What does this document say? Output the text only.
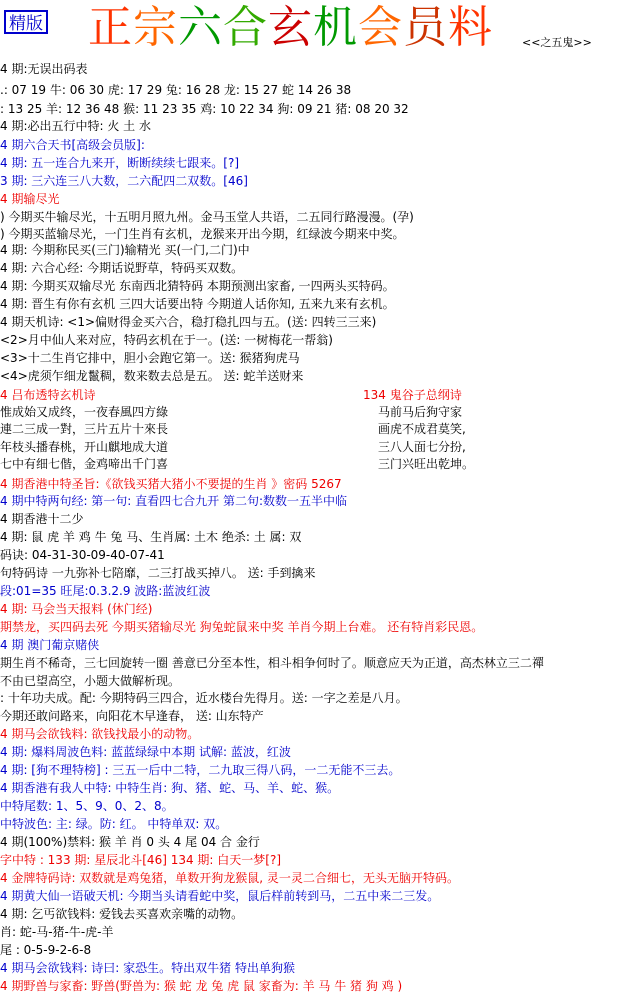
精版 正宗六合玄机会员料	<<之五鬼>>
4 期:无误出码表
.: 07 19 牛: 06 30 虎: 17 29 兔: 16 28 龙: 15 27 蛇 14 26 38
: 13 25 羊: 12 36 48 猴: 11 23 35 鸡: 10 22 34 狗: 09 21 猪: 08 20 32
4 期:必出五行中特: 火 土 水
4 期六合天书[高级会员版]:
4 期: 五一连合九来开，断断续续七跟来。[?]
3 期: 三六连三八大数，二六配四二双数。[46]
4 期输尽光
) 今期买牛输尽光，十五明月照九州。金马玉堂人共语，二五同行路漫漫。(孕)
) 今期买蓝输尽光，一门生肖有玄机，龙猴来开出今期，红绿波今期来中奖。
4 期: 今期称民买(三门)输精光 买(一门,二门)中
4 期: 六合心经: 今期话说野草，特码买双数。
4 期: 今期买双输尽光 东南西北猜特码 本期预测出家畜, 一四两头买特码。
4 期: 晋生有你有玄机 三四大话要出特 今期道人话你知, 五来九来有玄机。
4 期天机诗: <1>偏财得金买六合，稳打稳扎四与五。(送: 四转三三来)
<2>月中仙人来对应，特码玄机在于一。(送: 一树梅花一帮翁)
<3>十二生肖它排中，胆小会跑它第一。送: 猴猪狗虎马
<4>虎须乍细龙鬣稠，数来数去总是五。 送: 蛇羊送财来
4 吕布透特玄机诗
惟成始又成终，一夜春風四方綠
連二三成一對，三片五片十來長
年枝头播春桃，开山麒地成大道
七中有细七偕，金鸡啼出千门喜
134 鬼谷子总纲诗
马前马后狗守家
画虎不成君莫笑,
三八人面七分扮,
三门兴旺出乾坤。
4 期香港中特圣旨:《欲钱买猪大猪小不要提的生肖 》密码 5267
4 期中特两句经: 第一句: 直看四七合九开 第二句:数数一五半中临
4 期香港十二少
4 期: 鼠 虎 羊 鸡 牛 兔 马、生肖属: 土木 绝杀: 土 属: 双
码诀: 04-31-30-09-40-07-41
句特码诗 一九弥补七陪靡，二三打战买掉八。 送: 手到擒来
段:01=35 旺尾:0.3.2.9 波路:蓝波红波
4 期: 马会当天报料 (休门经)
期禁龙，买四码去死 今期买猪输尽光 狗兔蛇鼠来中奖 羊肖今期上台难。 还有特肖彩民恩。
4 期 澳门葡京赌侠
期生肖不稀奇，三七回旋转一圈 善意已分至本性，相斗相争何时了。顺意应天为正道，高杰林立三二禪
不由已望高空，小题大做解析现。
: 十年功夫成。配: 今期特码三四合，近水楼台先得月。送: 一字之差是八月。
今期还敢问路来，向阳花木早逢春， 送: 山东特产
4 期马会欲钱料: 欲钱找最小的动物。
4 期: 爆料周波色料: 蓝蓝绿绿中本期 试解: 蓝波，红波
4 期: [狗不理特榜] : 三五一后中二特，二九取三得八码，一二无能不三去。
4 期香港有我人中特: 中特生肖: 狗、猪、蛇、马、羊、蛇、猴。
中特尾数: 1、5、9、0、2、8。
中特波色: 主: 绿。防: 红。 中特单双: 双。
4 期(100%)禁料: 猴 羊 肖 0 头 4 尾 04 合 金行
字中特 : 133 期: 星辰北斗[46] 134 期: 白天一梦[?]
4 金牌特码诗: 双数就是鸡兔猪，单数开狗龙猴鼠, 灵一灵二合细七，无头无脑开特码。
4 期黄大仙一语破天机: 今期当头请看蛇中奖，鼠后样前转到马，二五中来二三发。
4 期: 乞丐欲钱料: 爱钱去买喜欢亲嘴的动物。
肖: 蛇-马-猪-牛-虎-羊
尾 : 0-5-9-2-6-8
4 期马会欲钱料: 诗曰: 家恐生。特出双牛猪 特出单狗猴
4 期野兽与家畜: 野兽(野兽为: 猴 蛇 龙 兔 虎 鼠 家畜为: 羊 马 牛 猪 狗 鸡 )
